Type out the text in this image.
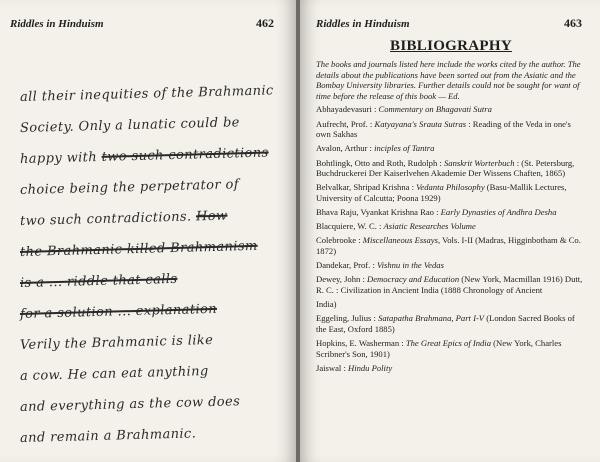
Riddles in Hinduism	462
all their inequities of the Brahmanic
Society. Only a lunatic could be
happy with two such contradictions
choice being the perpetrator of
two such contradictions. How
the Brahmanic killed Brahmanism
is a ... riddle that calls
for a solution ... explanation
Verily the Brahmanic is like
a cow. He can eat anything
and everything as the cow does
and remain a Brahmanic.
Riddles in Hinduism	463
BIBLIOGRAPHY

The books and journals listed here include the works cited by the author. The details about the publications have been sorted out from the Asiatic and the Bombay University libraries. Further details could not be sought for want of time before the release of this book — Ed.

Abhayadevasuri : Commentary on Bhagavati Sutra
Aufrecht, Prof. : Katyayana's Srauta Sutras : Reading of the Veda in one's own Sakhas
Avalon, Arthur : inciples of Tantra
Bohtlingk, Otto and Roth, Rudolph : Sanskrit Worterbuch : (St. Petersburg, Buchdruckerei Der Kaiserlvehen Akademie Der Wissens Chaften, 1865)
Belvalkar, Shripad Krishna : Vedanta Philosophy (Basu-Mallik Lectures, University of Calcutta; Poona 1929)
Bhava Raju, Vyankat Krishna Rao : Early Dynasties of Andhra Desha
Blacquiere, W. C. : Asiatic Researches Volume
Colebrooke : Miscellaneous Essays, Vols. I-II (Madras, Higginbotham & Co. 1872)
Dandekar, Prof. : Vishnu in the Vedas
Dewey, John : Democracy and Education (New York, Macmillan 1916) Dutt, R. C. : Civilization in Ancient India (1888 Chronology of Ancient
India)
Eggeling, Julius : Satapatha Brahmana, Part I-V (London Sacred Books of the East, Oxford 1885)
Hopkins, E. Washerman : The Great Epics of India (New York, Charles Scribner's Son, 1901)
Jaiswal : Hindu Polity
